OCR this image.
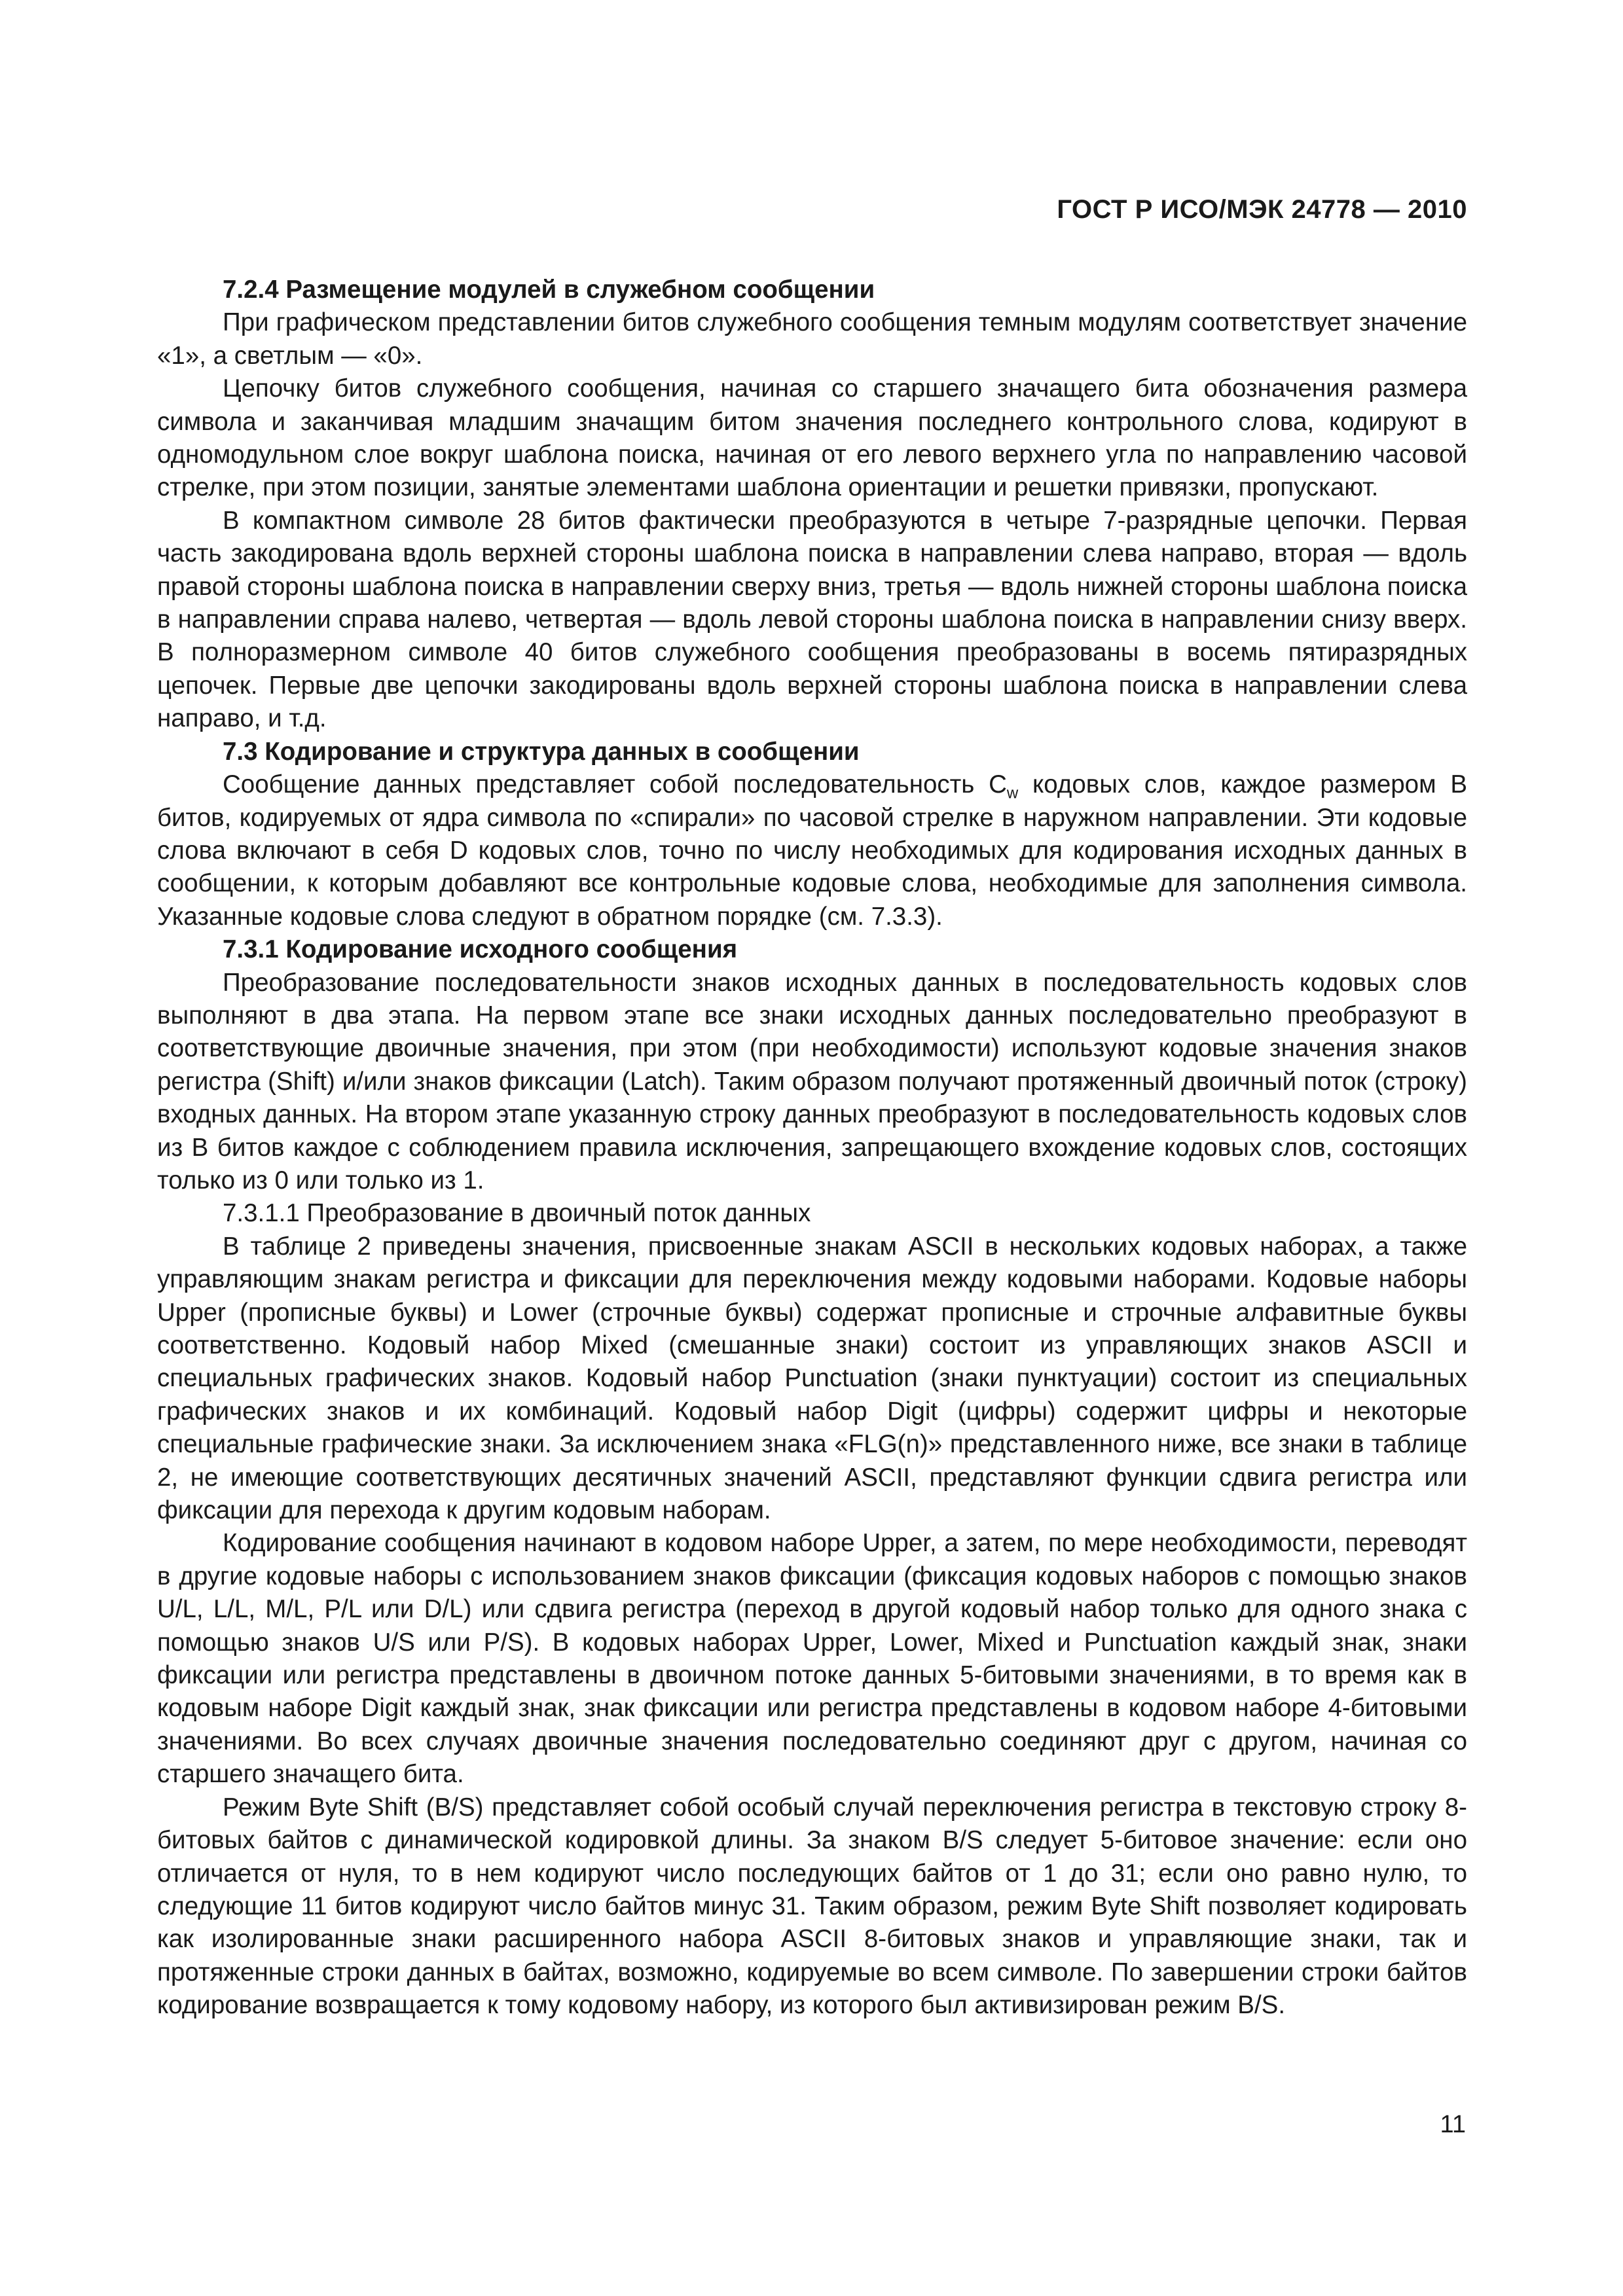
ГОСТ Р ИСО/МЭК 24778 — 2010
7.2.4 Размещение модулей в служебном сообщении

При графическом представлении битов служебного сообщения темным модулям соответствует значение «1», а светлым — «0».

Цепочку битов служебного сообщения, начиная со старшего значащего бита обозначения размера символа и заканчивая младшим значащим битом значения последнего контрольного слова, кодируют в одномодульном слое вокруг шаблона поиска, начиная от его левого верхнего угла по направлению часовой стрелке, при этом позиции, занятые элементами шаблона ориентации и решетки привязки, пропускают.

В компактном символе 28 битов фактически преобразуются в четыре 7-разрядные цепочки. Первая часть закодирована вдоль верхней стороны шаблона поиска в направлении слева направо, вторая — вдоль правой стороны шаблона поиска в направлении сверху вниз, третья — вдоль нижней стороны шаблона поиска в направлении справа налево, четвертая — вдоль левой стороны шаблона поиска в направлении снизу вверх. В полноразмерном символе 40 битов служебного сообщения преобразованы в восемь пятиразрядных цепочек. Первые две цепочки закодированы вдоль верхней стороны шаблона поиска в направлении слева направо, и т.д.

7.3 Кодирование и структура данных в сообщении

Сообщение данных представляет собой последовательность $C_w$ кодовых слов, каждое размером B битов, кодируемых от ядра символа по «спирали» по часовой стрелке в наружном направлении. Эти кодовые слова включают в себя D кодовых слов, точно по числу необходимых для кодирования исходных данных в сообщении, к которым добавляют все контрольные кодовые слова, необходимые для заполнения символа. Указанные кодовые слова следуют в обратном порядке (см. 7.3.3).

7.3.1 Кодирование исходного сообщения

Преобразование последовательности знаков исходных данных в последовательность кодовых слов выполняют в два этапа. На первом этапе все знаки исходных данных последовательно преобразуют в соответствующие двоичные значения, при этом (при необходимости) используют кодовые значения знаков регистра (Shift) и/или знаков фиксации (Latch). Таким образом получают протяженный двоичный поток (строку) входных данных. На втором этапе указанную строку данных преобразуют в последовательность кодовых слов из B битов каждое с соблюдением правила исключения, запрещающего вхождение кодовых слов, состоящих только из 0 или только из 1.

7.3.1.1 Преобразование в двоичный поток данных

В таблице 2 приведены значения, присвоенные знакам ASCII в нескольких кодовых наборах, а также управляющим знакам регистра и фиксации для переключения между кодовыми наборами. Кодовые наборы Upper (прописные буквы) и Lower (строчные буквы) содержат прописные и строчные алфавитные буквы соответственно. Кодовый набор Mixed (смешанные знаки) состоит из управляющих знаков ASCII и специальных графических знаков. Кодовый набор Punctuation (знаки пунктуации) состоит из специальных графических знаков и их комбинаций. Кодовый набор Digit (цифры) содержит цифры и некоторые специальные графические знаки. За исключением знака «FLG(n)» представленного ниже, все знаки в таблице 2, не имеющие соответствующих десятичных значений ASCII, представляют функции сдвига регистра или фиксации для перехода к другим кодовым наборам.

Кодирование сообщения начинают в кодовом наборе Upper, а затем, по мере необходимости, переводят в другие кодовые наборы с использованием знаков фиксации (фиксация кодовых наборов с помощью знаков U/L, L/L, M/L, P/L или D/L) или сдвига регистра (переход в другой кодовый набор только для одного знака с помощью знаков U/S или P/S). В кодовых наборах Upper, Lower, Mixed и Punctuation каждый знак, знаки фиксации или регистра представлены в двоичном потоке данных 5-битовыми значениями, в то время как в кодовым наборе Digit каждый знак, знак фиксации или регистра представлены в кодовом наборе 4-битовыми значениями. Во всех случаях двоичные значения последовательно соединяют друг с другом, начиная со старшего значащего бита.

Режим Byte Shift (B/S) представляет собой особый случай переключения регистра в текстовую строку 8-битовых байтов с динамической кодировкой длины. За знаком B/S следует 5-битовое значение: если оно отличается от нуля, то в нем кодируют число последующих байтов от 1 до 31; если оно равно нулю, то следующие 11 битов кодируют число байтов минус 31. Таким образом, режим Byte Shift позволяет кодировать как изолированные знаки расширенного набора ASCII 8-битовых знаков и управляющие знаки, так и протяженные строки данных в байтах, возможно, кодируемые во всем символе. По завершении строки байтов кодирование возвращается к тому кодовому набору, из которого был активизирован режим B/S.

11
